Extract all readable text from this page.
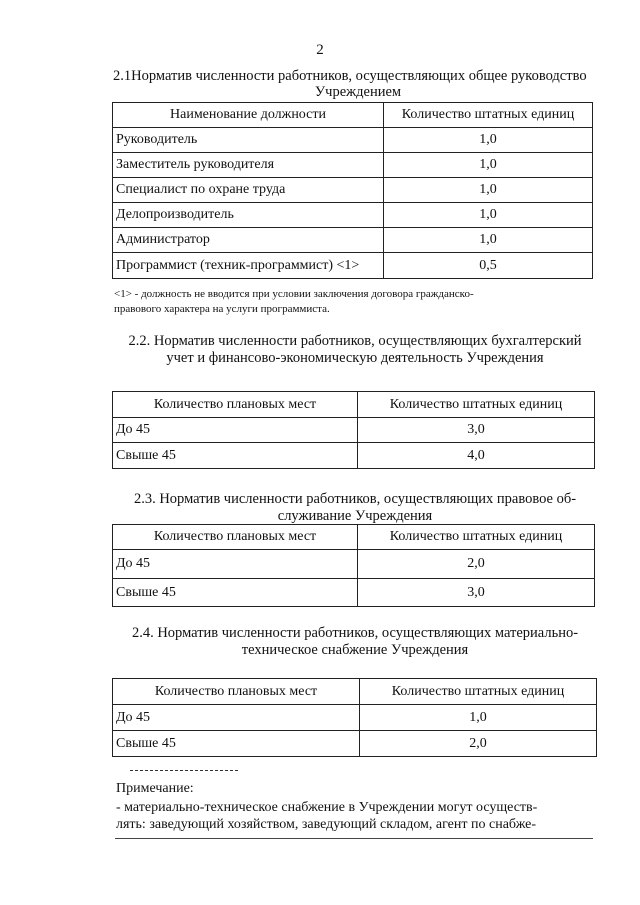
2
2.1Норматив численности работников, осуществляющих общее руководство
Учреждением
Наименование должности	Количество штатных единиц
Руководитель	1,0
Заместитель руководителя	1,0
Специалист по охране труда	1,0
Делопроизводитель	1,0
Администратор	1,0
Программист (техник-программист) <1>	0,5
<1> - должность не вводится при условии заключения договора гражданско-
правового характера на услуги программиста.
2.2. Норматив численности работников, осуществляющих бухгалтерский
учет и финансово-экономическую деятельность Учреждения
Количество плановых мест	Количество штатных единиц
До 45	3,0
Свыше 45	4,0
2.3. Норматив численности работников, осуществляющих правовое об-
служивание Учреждения
Количество плановых мест	Количество штатных единиц
До 45	2,0
Свыше 45	3,0
2.4. Норматив численности работников, осуществляющих материально-
техническое снабжение Учреждения
Количество плановых мест	Количество штатных единиц
До 45	1,0
Свыше 45	2,0
Примечание:
- материально-техническое снабжение в Учреждении могут осуществ-
лять: заведующий хозяйством, заведующий складом, агент по снабже-
